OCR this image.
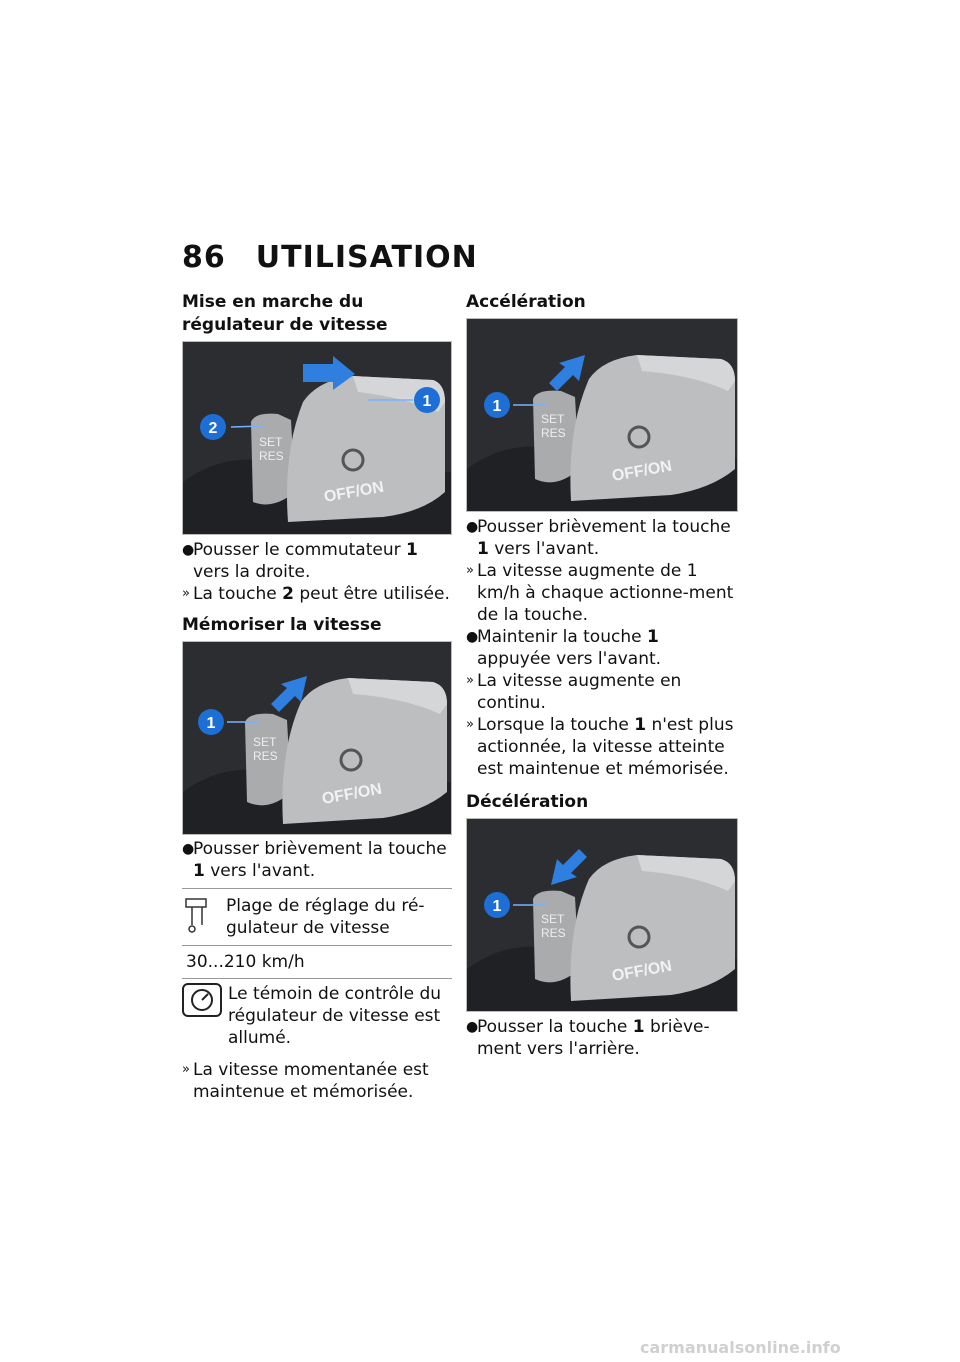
86 UTILISATION
Mise en marche du régulateur de vitesse
SET
RES
OFF/ON
2
1
●
Pousser le commutateur 1 vers la droite.
» La touche 2 peut être utilisée.
Mémoriser la vitesse
SET
RES
OFF/ON
1
●
Pousser brièvement la touche 1 vers l'avant.
Plage de réglage du ré-gulateur de vitesse
30...210 km/h
Le témoin de contrôle du régulateur de vitesse est allumé.
» La vitesse momentanée est maintenue et mémorisée.
Accélération
SET
RES
OFF/ON
1
●
Pousser brièvement la touche 1 vers l'avant.
» La vitesse augmente de 1 km/h à chaque actionne-ment de la touche.
●
Maintenir la touche 1 appuyée vers l'avant.
» La vitesse augmente en continu.
» Lorsque la touche 1 n'est plus actionnée, la vitesse atteinte est maintenue et mémorisée.
Décélération
SET
RES
OFF/ON
1
●
Pousser la touche 1 briève-ment vers l'arrière.
carmanualsonline.info
